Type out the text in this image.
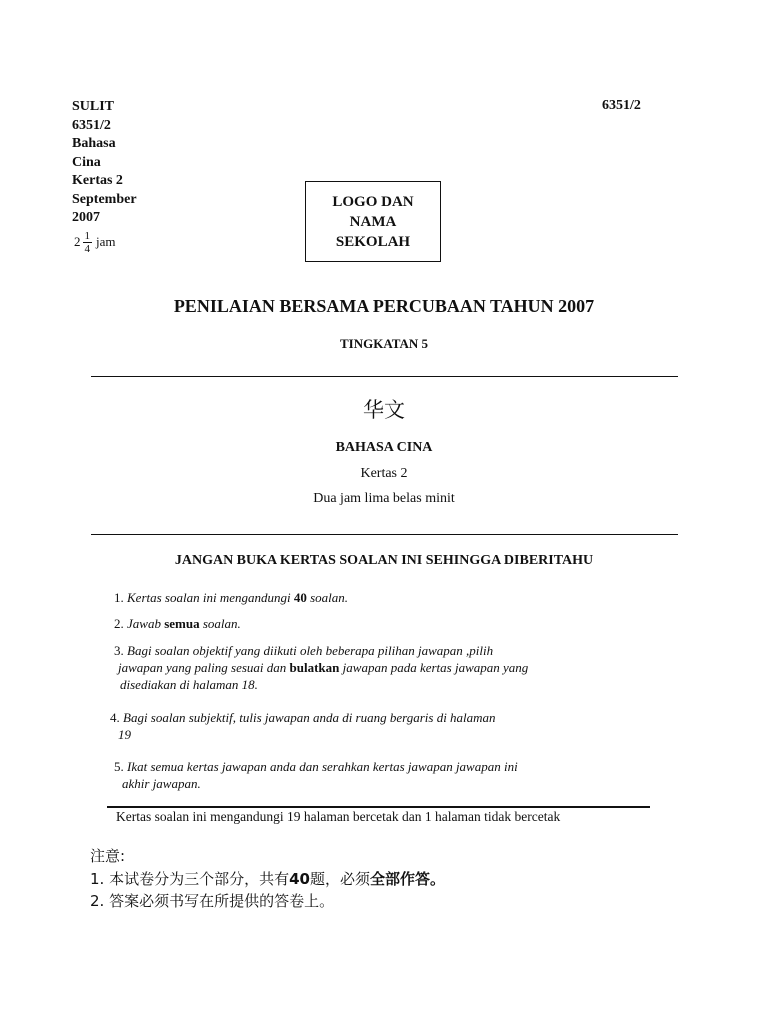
SULIT
6351/2
Bahasa
Cina
Kertas 2
September
2007
$2 \frac{1}{4}$ jam
6351/2
LOGO DAN
NAMA
SEKOLAH
PENILAIAN BERSAMA PERCUBAAN TAHUN 2007
TINGKATAN 5
华文
BAHASA CINA
Kertas 2
Dua jam lima belas minit
JANGAN BUKA KERTAS SOALAN INI SEHINGGA DIBERITAHU
1. Kertas soalan ini mengandungi 40 soalan.
2. Jawab semua soalan.
3. Bagi soalan objektif yang diikuti oleh beberapa pilihan jawapan ,pilih
jawapan yang paling sesuai dan bulatkan jawapan pada kertas jawapan yang
disediakan di halaman 18.
4. Bagi soalan subjektif, tulis jawapan anda di ruang bergaris di halaman
19
5. Ikat semua kertas jawapan anda dan serahkan kertas jawapan jawapan ini
akhir jawapan.
Kertas soalan ini mengandungi 19 halaman bercetak dan 1 halaman tidak bercetak
注意:
1. 本试卷分为三个部分，共有40题，必须全部作答。
2. 答案必须书写在所提供的答卷上。
